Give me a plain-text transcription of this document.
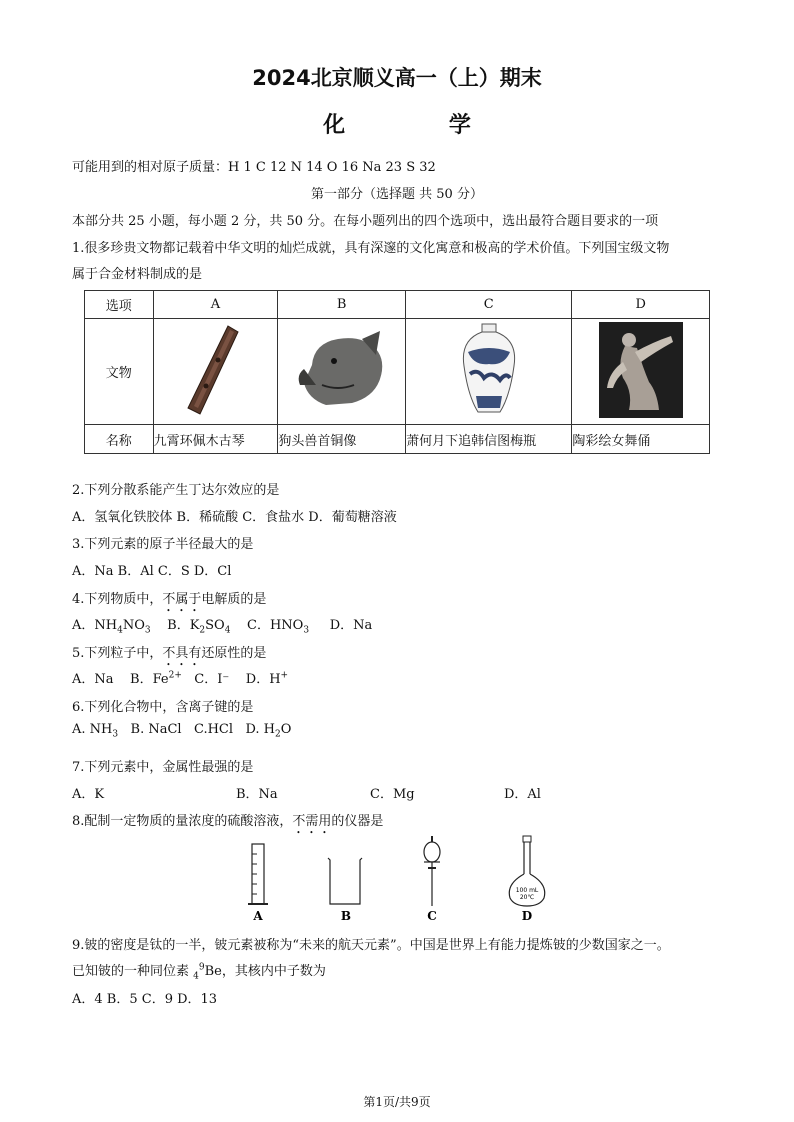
2024北京顺义高一（上）期末
化 学
可能用到的相对原子质量：H 1 C 12 N 14 O 16 Na 23 S 32
第一部分（选择题 共 50 分）
本部分共 25 小题，每小题 2 分，共 50 分。在每小题列出的四个选项中，选出最符合题目要求的一项
1.很多珍贵文物都记载着中华文明的灿烂成就，具有深邃的文化寓意和极高的学术价值。下列国宝级文物
属于合金材料制成的是
选项	A	B	C	D
文物				
名称	九霄环佩木古琴	狗头兽首铜像	萧何月下追韩信图梅瓶	陶彩绘女舞俑
2.下列分散系能产生丁达尔效应的是
A．氢氧化铁胶体 B．稀硫酸 C．食盐水 D．葡萄糖溶液
3.下列元素的原子半径最大的是
A．Na B．Al C．S D．Cl
4.下列物质中，不属于电解质的是
A．$NH_4NO_3$ B．$K_2SO_4$ C．$HNO_3$ D．Na
5.下列粒子中，不具有还原性的是
A．Na B．$Fe^{2+}$ C．I⁻ D．H+
6.下列化合物中，含离子键的是
A. $NH_3$ B. NaCl C.HCl D. $H_2O$
7.下列元素中，金属性最强的是
A．K	B．Na	C．Mg	D．Al
8.配制一定物质的量浓度的硫酸溶液，不需用的仪器是
100 mL
20℃
A	B	C	D
9.铍的密度是钛的一半，铍元素被称为“未来的航天元素”。中国是世界上有能力提炼铍的少数国家之一。
已知铍的一种同位素 $_4^9$Be，其核内中子数为
A．4 B．5 C．9 D．13
第1页/共9页
